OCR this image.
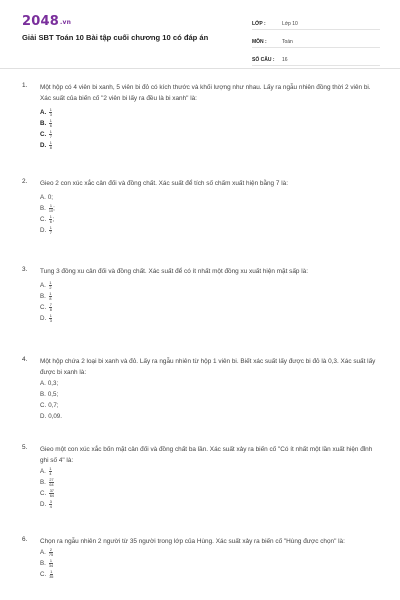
2048.vn
Giải SBT Toán 10 Bài tập cuối chương 10 có đáp án
LỚP :	Lớp 10
MÔN :	Toán
SỐ CÂU :	16
1.	Một hộp có 4 viên bi xanh, 5 viên bi đỏ có kích thước và khối lượng như nhau. Lấy ra ngẫu nhiên đồng thời 2 viên bi. Xác suất của biến cố "2 viên bi lấy ra đều là bi xanh" là:
A. $\frac{1}{3}$
B. $\frac{1}{6}$
C. $\frac{1}{7}$
D. $\frac{1}{8}$
2.	Gieo 2 con xúc xắc cân đối và đồng chất. Xác suất để tích số chấm xuất hiện bằng 7 là:
A. 0;
B. $\frac{1}{10}$ ;
C. $\frac{1}{6}$ ;
D. $\frac{1}{7}$
3.	Tung 3 đồng xu cân đối và đồng chất. Xác suất để có ít nhất một đồng xu xuất hiện mặt sấp là:
A. $\frac{1}{2}$
B. $\frac{1}{8}$
C. $\frac{7}{8}$
D. $\frac{1}{3}$
4.	Một hộp chứa 2 loại bi xanh và đỏ. Lấy ra ngẫu nhiên từ hộp 1 viên bi. Biết xác suất lấy được bi đỏ là 0,3. Xác suất lấy được bi xanh là:
A. 0,3;
B. 0,5;
C. 0,7;
D. 0,09.
5.	Gieo một con xúc xắc bốn mặt cân đối và đồng chất ba lần. Xác suất xảy ra biến cố "Có ít nhất một lần xuất hiện đỉnh ghi số 4" là:
A. $\frac{1}{4}$
B. $\frac{27}{64}$
C. $\frac{37}{64}$
D. $\frac{3}{4}$
6.	Chọn ra ngẫu nhiên 2 người từ 35 người trong lớp của Hùng. Xác suất xảy ra biến cố "Hùng được chọn" là:
A. $\frac{2}{75}$
B. $\frac{1}{34}$
C. $\frac{1}{35}$
